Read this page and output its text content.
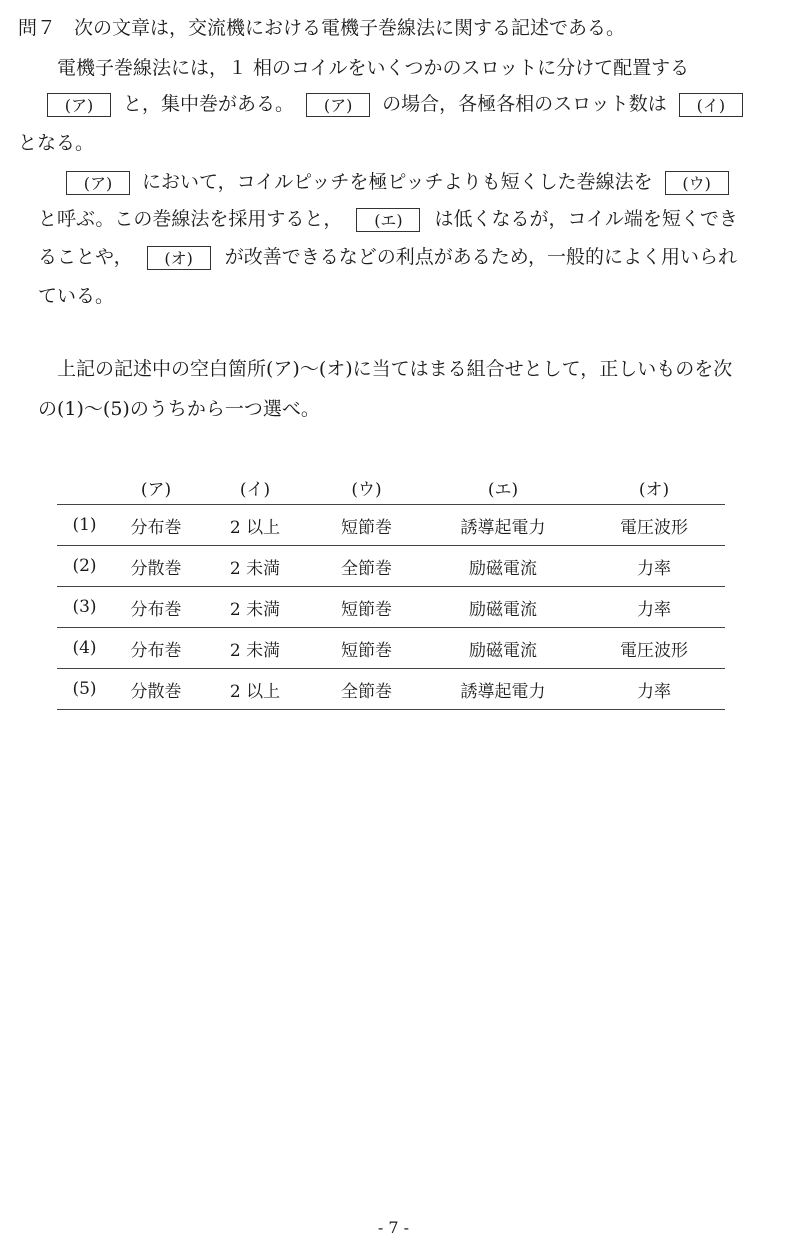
問７ 次の文章は，交流機における電機子巻線法に関する記述である。
電機子巻線法には，１ 相のコイルをいくつかのスロットに分けて配置する
(ア) と，集中巻がある。 (ア) の場合，各極各相のスロット数は (イ)
となる。
(ア) において，コイルピッチを極ピッチよりも短くした巻線法を (ウ)
と呼ぶ。この巻線法を採用すると， (エ) は低くなるが，コイル端を短くでき
ることや， (オ) が改善できるなどの利点があるため，一般的によく用いられ
ている。
上記の記述中の空白箇所(ア)～(オ)に当てはまる組合せとして，正しいものを次
の(1)～(5)のうちから一つ選べ。
	(ア)	(イ)	(ウ)	(エ)	(オ)
(1)	分布巻	2 以上	短節巻	誘導起電力	電圧波形
(2)	分散巻	2 未満	全節巻	励磁電流	力率
(3)	分布巻	2 未満	短節巻	励磁電流	力率
(4)	分布巻	2 未満	短節巻	励磁電流	電圧波形
(5)	分散巻	2 以上	全節巻	誘導起電力	力率
- 7 -
